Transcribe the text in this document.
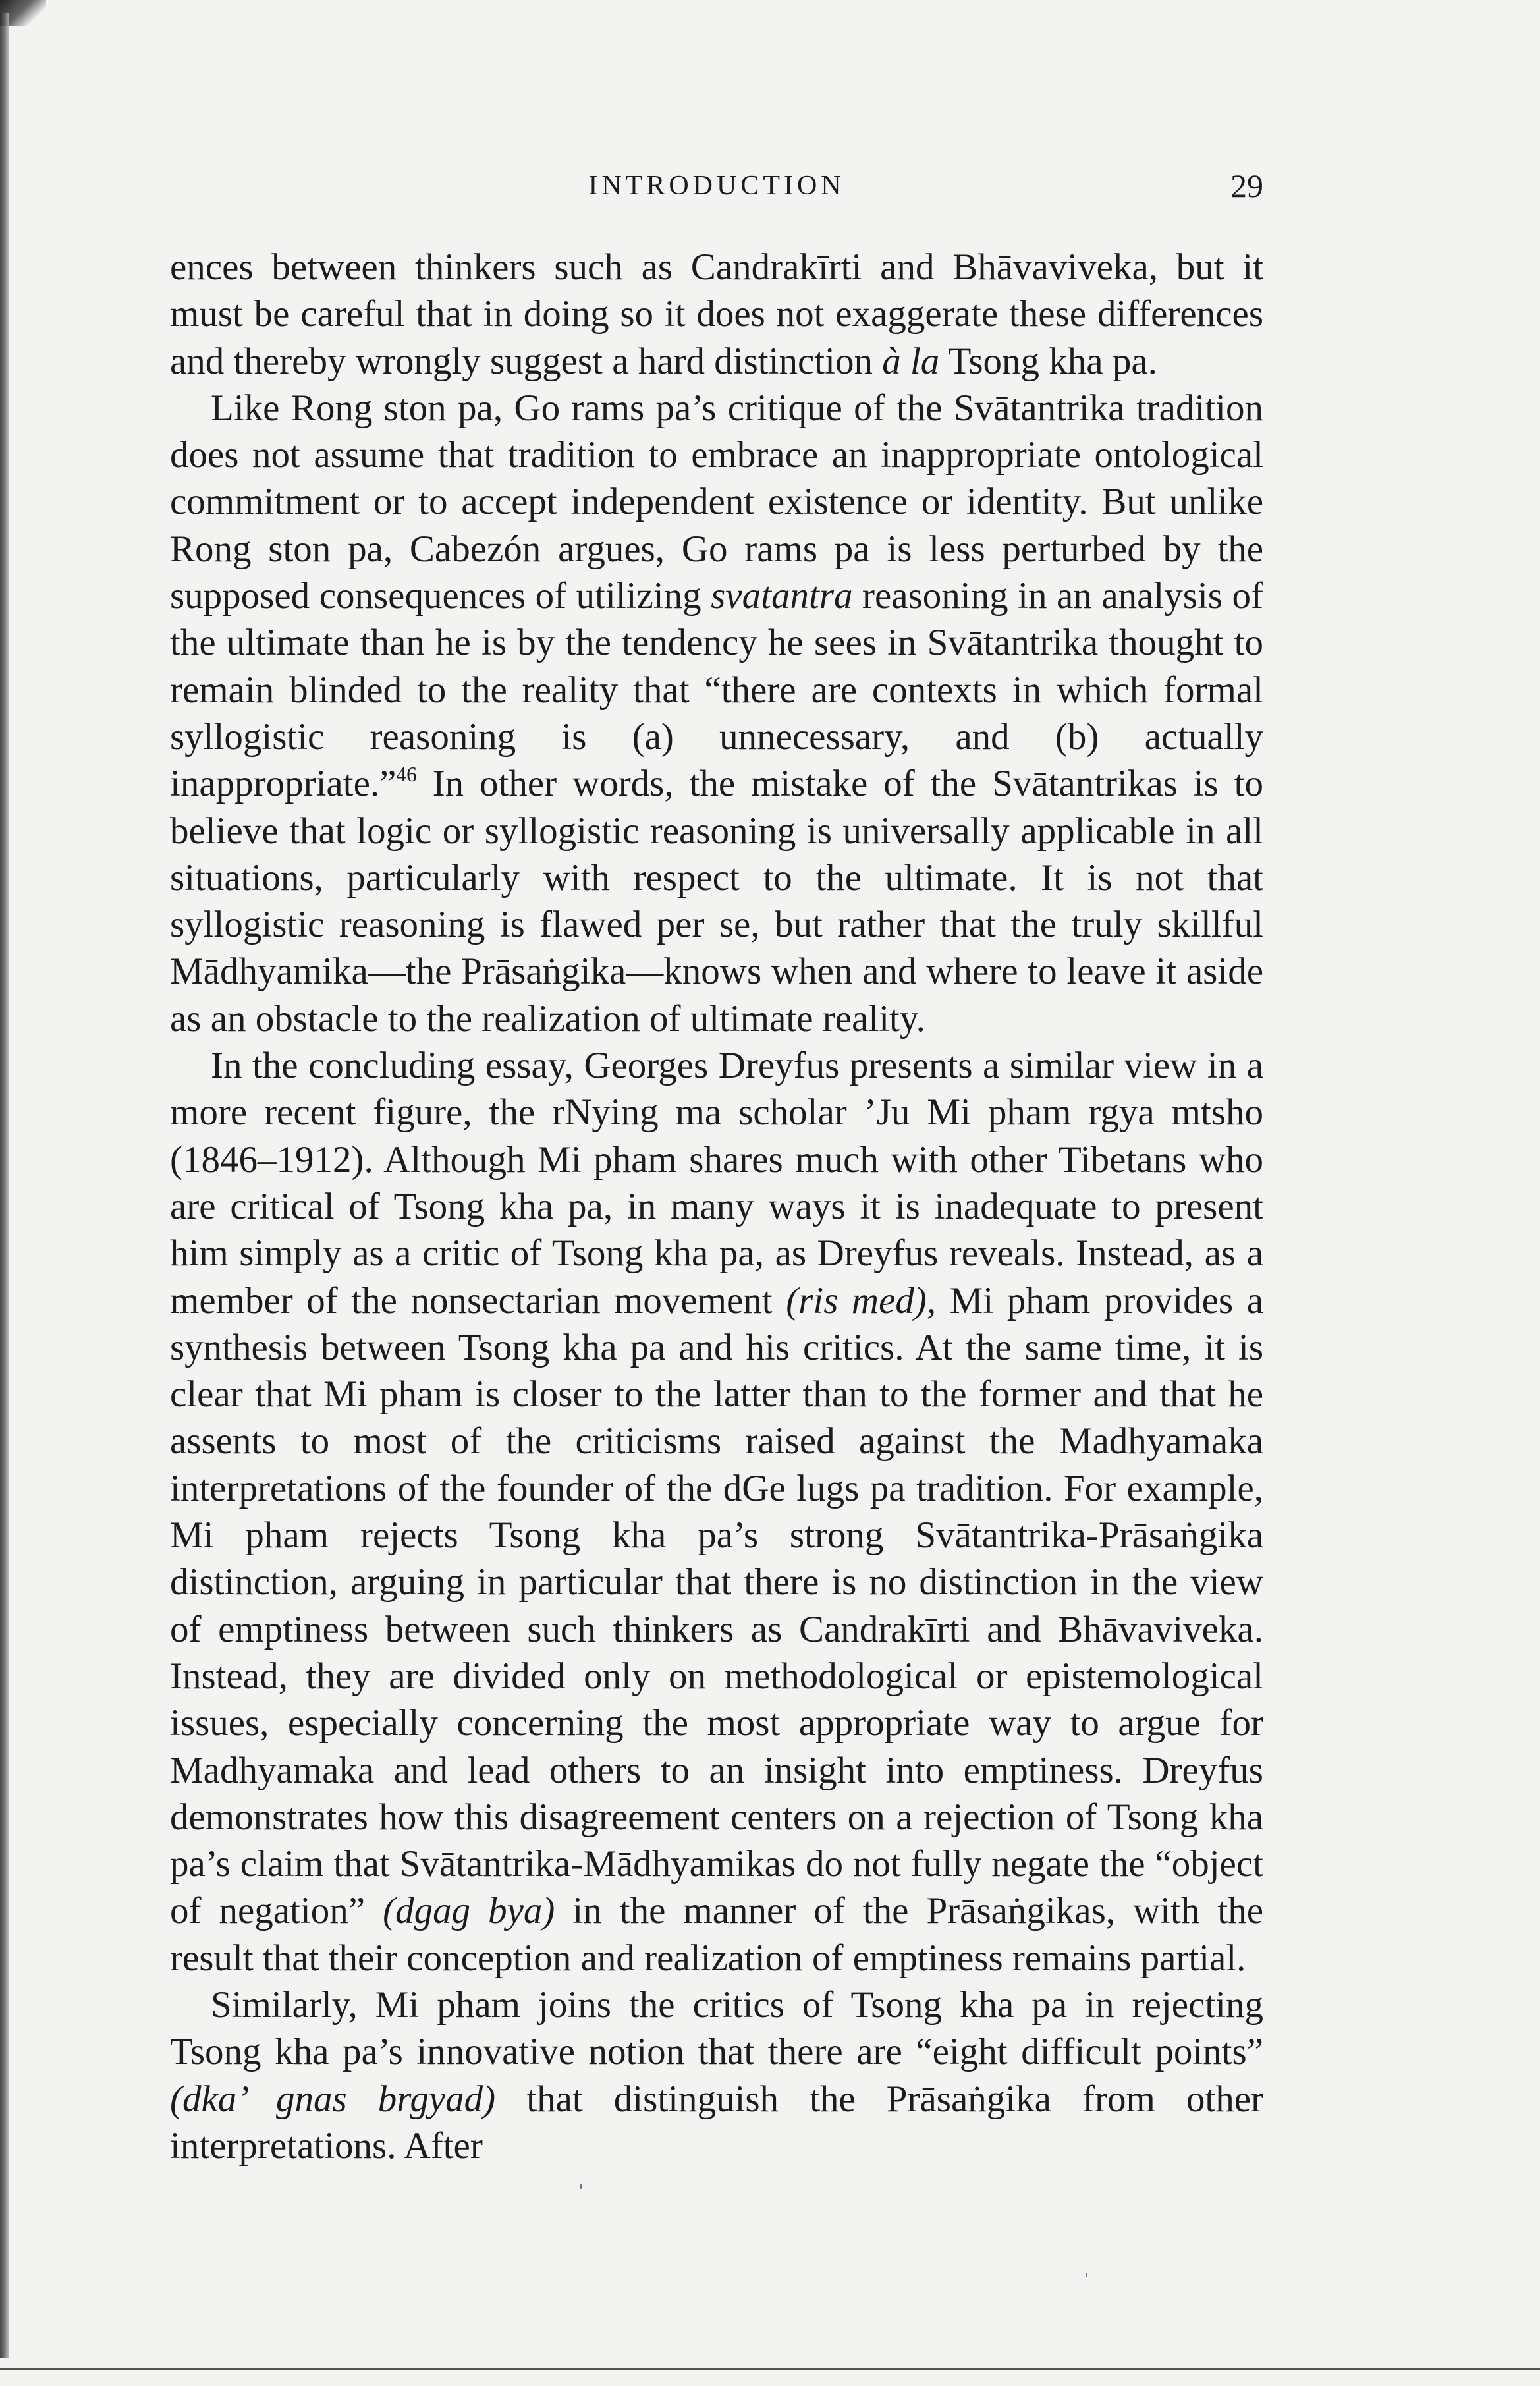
INTRODUCTION	29

ences between thinkers such as Candrakīrti and Bhāvaviveka, but it must be careful that in doing so it does not exaggerate these differences and thereby wrongly suggest a hard distinction à la Tsong kha pa.

Like Rong ston pa, Go rams pa’s critique of the Svātantrika tradition does not assume that tradition to embrace an inappropriate ontological commitment or to accept independent existence or identity. But unlike Rong ston pa, Cabezón argues, Go rams pa is less perturbed by the supposed consequences of utilizing svatantra reasoning in an analysis of the ultimate than he is by the tendency he sees in Svātantrika thought to remain blinded to the reality that “there are contexts in which formal syllogistic reasoning is (a) unnecessary, and (b) actually inappropriate.”$^{46}$ In other words, the mistake of the Svātantrikas is to believe that logic or syllogistic reasoning is universally applicable in all situations, particularly with respect to the ultimate. It is not that syllogistic reasoning is flawed per se, but rather that the truly skillful Mādhyamika—the Prāsaṅgika—knows when and where to leave it aside as an obstacle to the realization of ultimate reality.

In the concluding essay, Georges Dreyfus presents a similar view in a more recent figure, the rNying ma scholar ’Ju Mi pham rgya mtsho (1846–1912). Although Mi pham shares much with other Tibetans who are critical of Tsong kha pa, in many ways it is inadequate to present him simply as a critic of Tsong kha pa, as Dreyfus reveals. Instead, as a member of the nonsectarian movement (ris med), Mi pham provides a synthesis between Tsong kha pa and his critics. At the same time, it is clear that Mi pham is closer to the latter than to the former and that he assents to most of the criticisms raised against the Madhyamaka interpretations of the founder of the dGe lugs pa tradition. For example, Mi pham rejects Tsong kha pa’s strong Svātantrika-Prāsaṅgika distinction, arguing in particular that there is no distinction in the view of emptiness between such thinkers as Candrakīrti and Bhāvaviveka. Instead, they are divided only on methodological or epistemological issues, especially concerning the most appropriate way to argue for Madhyamaka and lead others to an insight into emptiness. Dreyfus demonstrates how this disagreement centers on a rejection of Tsong kha pa’s claim that Svātantrika-Mādhyamikas do not fully negate the “object of negation” (dgag bya) in the manner of the Prāsaṅgikas, with the result that their conception and realization of emptiness remains partial.

Similarly, Mi pham joins the critics of Tsong kha pa in rejecting Tsong kha pa’s innovative notion that there are “eight difficult points” (dka’ gnas brgyad) that distinguish the Prāsaṅgika from other interpretations. After
